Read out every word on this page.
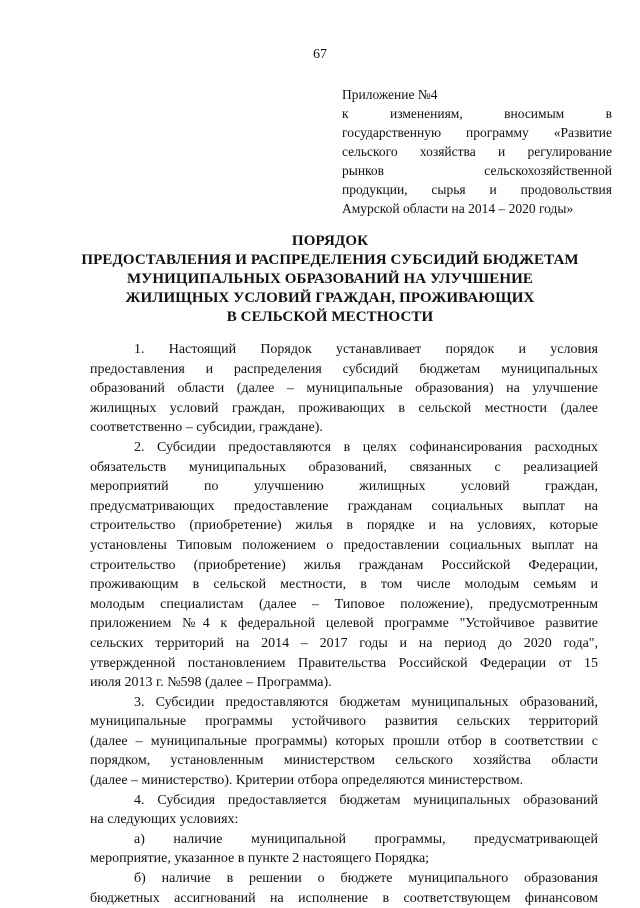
67
Приложение №4
к изменениям, вносимым в
государственную программу «Развитие
сельского хозяйства и регулирование
рынков сельскохозяйственной
продукции, сырья и продовольствия
Амурской области на 2014 – 2020 годы»
ПОРЯДОК
ПРЕДОСТАВЛЕНИЯ И РАСПРЕДЕЛЕНИЯ СУБСИДИЙ БЮДЖЕТАМ
МУНИЦИПАЛЬНЫХ ОБРАЗОВАНИЙ НА УЛУЧШЕНИЕ
ЖИЛИЩНЫХ УСЛОВИЙ ГРАЖДАН, ПРОЖИВАЮЩИХ
В СЕЛЬСКОЙ МЕСТНОСТИ
1. Настоящий Порядок устанавливает порядок и условия
предоставления и распределения субсидий бюджетам муниципальных
образований области (далее – муниципальные образования) на улучшение
жилищных условий граждан, проживающих в сельской местности (далее
соответственно – субсидии, граждане).
2. Субсидии предоставляются в целях софинансирования расходных
обязательств муниципальных образований, связанных с реализацией
мероприятий по улучшению жилищных условий граждан,
предусматривающих предоставление гражданам социальных выплат на
строительство (приобретение) жилья в порядке и на условиях, которые
установлены Типовым положением о предоставлении социальных выплат на
строительство (приобретение) жилья гражданам Российской Федерации,
проживающим в сельской местности, в том числе молодым семьям и
молодым специалистам (далее – Типовое положение), предусмотренным
приложением №4 к федеральной целевой программе "Устойчивое развитие
сельских территорий на 2014 – 2017 годы и на период до 2020 года",
утвержденной постановлением Правительства Российской Федерации от 15
июля 2013 г. №598 (далее – Программа).
3. Субсидии предоставляются бюджетам муниципальных образований,
муниципальные программы устойчивого развития сельских территорий
(далее – муниципальные программы) которых прошли отбор в соответствии с
порядком, установленным министерством сельского хозяйства области
(далее – министерство). Критерии отбора определяются министерством.
4. Субсидия предоставляется бюджетам муниципальных образований
на следующих условиях:
а) наличие муниципальной программы, предусматривающей
мероприятие, указанное в пункте 2 настоящего Порядка;
б) наличие в решении о бюджете муниципального образования
бюджетных ассигнований на исполнение в соответствующем финансовом
